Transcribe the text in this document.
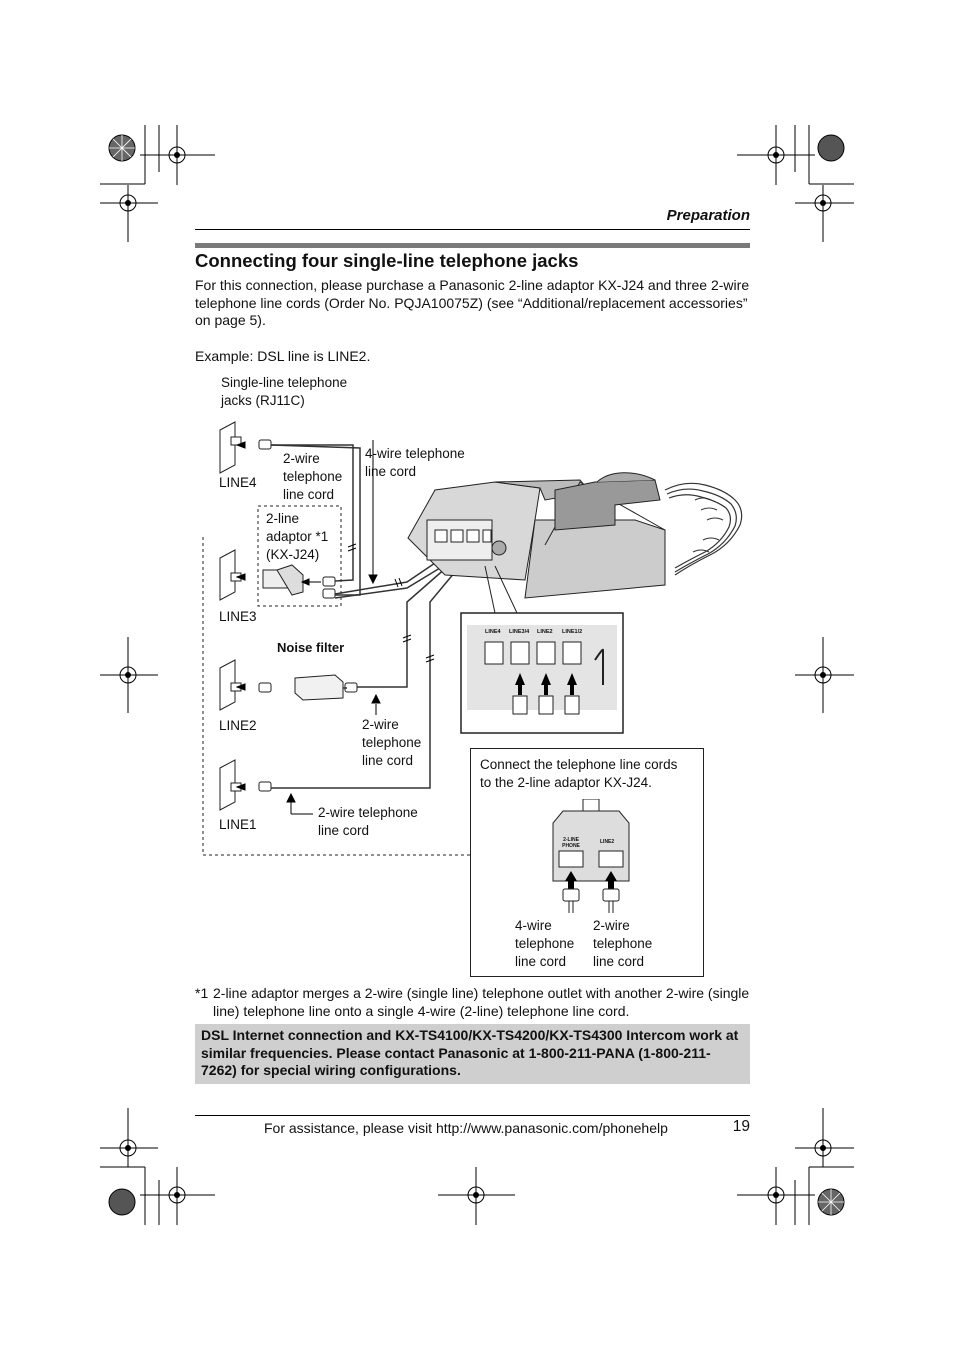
Preparation
Connecting four single-line telephone jacks
For this connection, please purchase a Panasonic 2-line adaptor KX-J24 and three 2-wire telephone line cords (Order No. PQJA10075Z) (see “Additional/replacement accessories” on page 5).
Example: DSL line is LINE2.
Single-line telephone
jacks (RJ11C)
2-wire
telephone
line cord
4-wire telephone
line cord
LINE4
2-line
adaptor *1
(KX-J24)
LINE3
Noise filter
LINE2	2-wire
telephone
line cord
LINE1
2-wire telephone
line cord
LINE4 LINE3/4 LINE2 LINE1/2
Connect the telephone line cords
to the 2-line adaptor KX-J24.
2-LINE PHONE
LINE2
4-wire
telephone
line cord
2-wire
telephone
line cord
*1 2-line adaptor merges a 2-wire (single line) telephone outlet with another 2-wire (single line) telephone line onto a single 4-wire (2-line) telephone line cord.
DSL Internet connection and KX-TS4100/KX-TS4200/KX-TS4300 Intercom work at similar frequencies. Please contact Panasonic at 1-800-211-PANA (1-800-211-7262) for special wiring configurations.
For assistance, please visit http://www.panasonic.com/phonehelp	19
